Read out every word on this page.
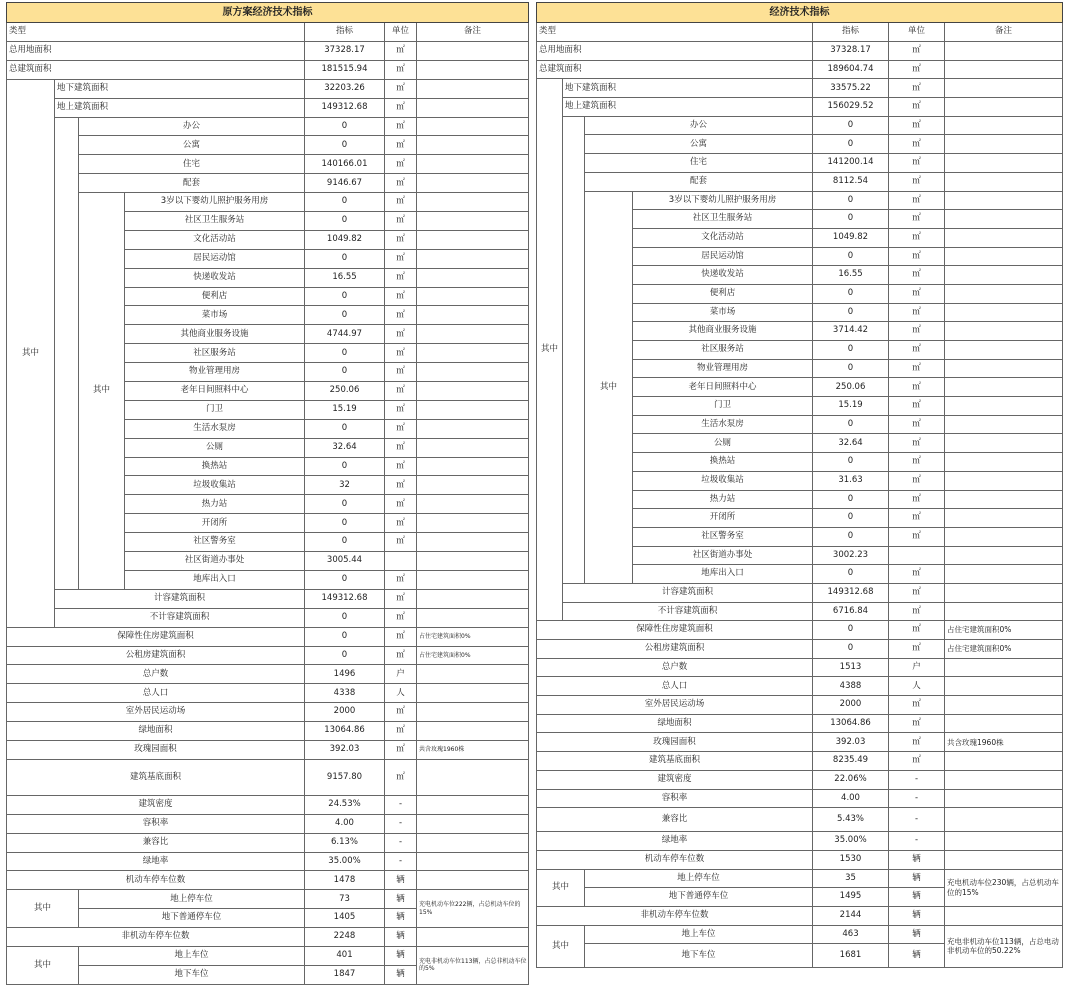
原方案经济技术指标						
类型				指标	单位	备注
总用地面积				37328.17	㎡	
总建筑面积				181515.94	㎡	
其中	地下建筑面积			32203.26	㎡	
	地上建筑面积			149312.68	㎡	
		办公		0	㎡	
		公寓		0	㎡	
		住宅		140166.01	㎡	
		配套		9146.67	㎡	
		其中	3岁以下婴幼儿照护服务用房	0	㎡	
			社区卫生服务站	0	㎡	
			文化活动站	1049.82	㎡	
			居民运动馆	0	㎡	
			快递收发站	16.55	㎡	
			便利店	0	㎡	
			菜市场	0	㎡	
			其他商业服务设施	4744.97	㎡	
			社区服务站	0	㎡	
			物业管理用房	0	㎡	
			老年日间照料中心	250.06	㎡	
			门卫	15.19	㎡	
			生活水泵房	0	㎡	
			公厕	32.64	㎡	
			换热站	0	㎡	
			垃圾收集站	32	㎡	
			热力站	0	㎡	
			开闭所	0	㎡	
			社区警务室	0	㎡	
			社区街道办事处	3005.44		
			地库出入口	0	㎡	
	计容建筑面积			149312.68	㎡	
	不计容建筑面积			0	㎡	
保障性住房建筑面积				0	㎡	占住宅建筑面积0%
公租房建筑面积				0	㎡	占住宅建筑面积0%
总户数				1496	户	
总人口				4338	人	
室外居民运动场				2000	㎡	
绿地面积				13064.86	㎡	
玫瑰园面积				392.03	㎡	共含玫瑰1960株
建筑基底面积				9157.80	㎡	
建筑密度				24.53%	-	
容积率				4.00	-	
兼容比				6.13%	-	
绿地率				35.00%	-	
机动车停车位数				1478	辆	
其中		地上停车位		73	辆	充电机动车位222辆，占总机动车位的15%
		地下普通停车位		1405	辆	
非机动车停车位数				2248	辆	
其中		地上车位		401	辆	充电非机动车位113辆，占总非机动车位的5%
		地下车位		1847	辆	
经济技术指标						
类型				指标	单位	备注
总用地面积				37328.17	㎡	
总建筑面积				189604.74	㎡	
其中	地下建筑面积			33575.22	㎡	
	地上建筑面积			156029.52	㎡	
		办公		0	㎡	
		公寓		0	㎡	
		住宅		141200.14	㎡	
		配套		8112.54	㎡	
		其中	3岁以下婴幼儿照护服务用房	0	㎡	
			社区卫生服务站	0	㎡	
			文化活动站	1049.82	㎡	
			居民运动馆	0	㎡	
			快递收发站	16.55	㎡	
			便利店	0	㎡	
			菜市场	0	㎡	
			其他商业服务设施	3714.42	㎡	
			社区服务站	0	㎡	
			物业管理用房	0	㎡	
			老年日间照料中心	250.06	㎡	
			门卫	15.19	㎡	
			生活水泵房	0	㎡	
			公厕	32.64	㎡	
			换热站	0	㎡	
			垃圾收集站	31.63	㎡	
			热力站	0	㎡	
			开闭所	0	㎡	
			社区警务室	0	㎡	
			社区街道办事处	3002.23		
			地库出入口	0	㎡	
	计容建筑面积			149312.68	㎡	
	不计容建筑面积			6716.84	㎡	
保障性住房建筑面积				0	㎡	占住宅建筑面积0%
公租房建筑面积				0	㎡	占住宅建筑面积0%
总户数				1513	户	
总人口				4388	人	
室外居民运动场				2000	㎡	
绿地面积				13064.86	㎡	
玫瑰园面积				392.03	㎡	共含玫瑰1960株
建筑基底面积				8235.49	㎡	
建筑密度				22.06%	-	
容积率				4.00	-	
兼容比				5.43%	-	
绿地率				35.00%	-	
机动车停车位数				1530	辆	
其中		地上停车位		35	辆	充电机动车位230辆，占总机动车位的15%
		地下普通停车位		1495	辆	
非机动车停车位数				2144	辆	
其中		地上车位		463	辆	充电非机动车位113辆，占总电动非机动车位的50.22%
		地下车位		1681	辆	
